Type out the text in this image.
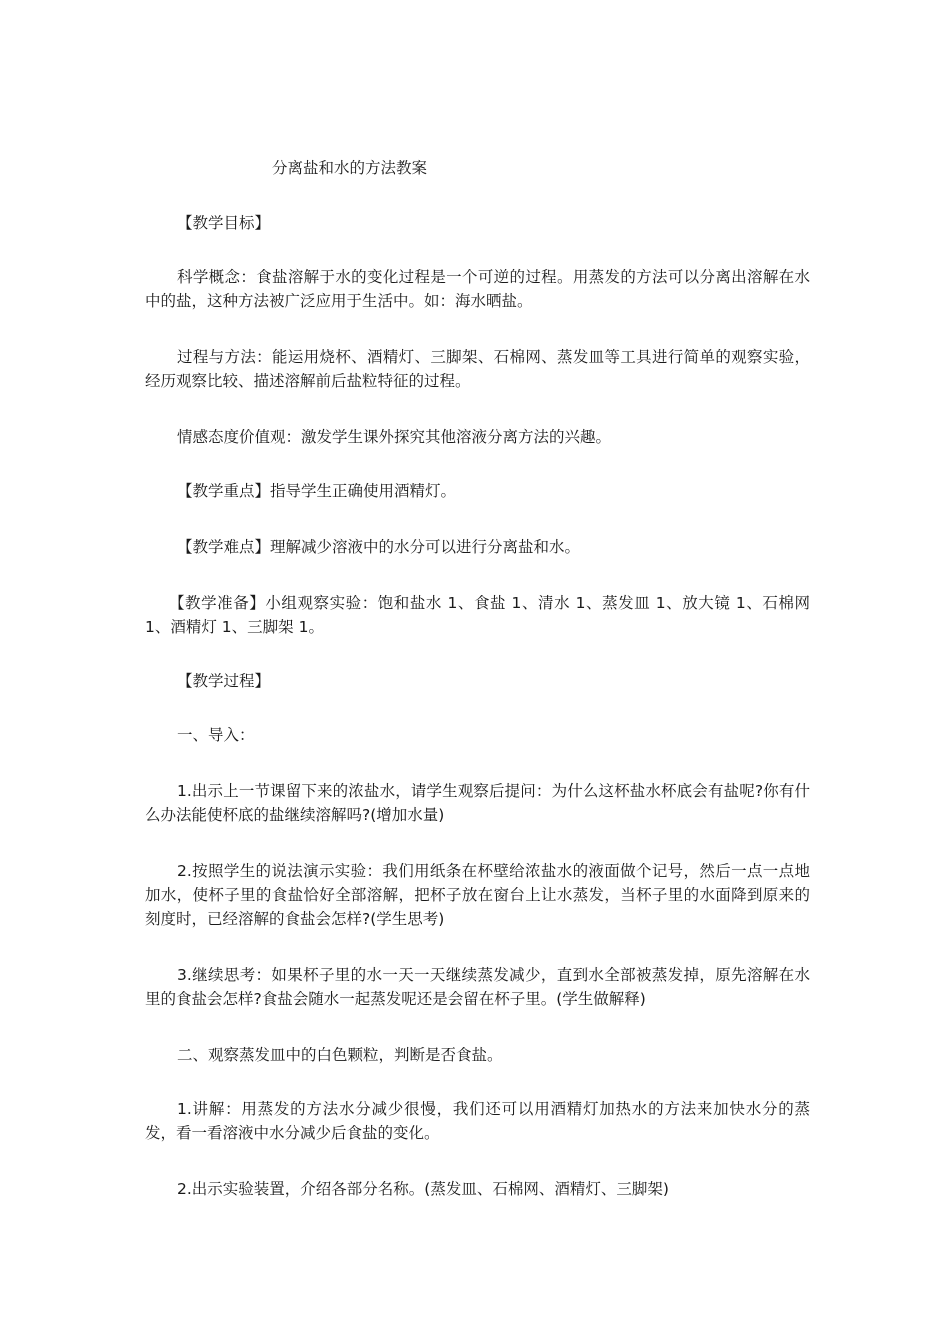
分离盐和水的方法教案

【教学目标】

科学概念：食盐溶解于水的变化过程是一个可逆的过程。用蒸发的方法可以分离出溶解在水中的盐，这种方法被广泛应用于生活中。如：海水晒盐。

过程与方法：能运用烧杯、酒精灯、三脚架、石棉网、蒸发皿等工具进行简单的观察实验，经历观察比较、描述溶解前后盐粒特征的过程。

情感态度价值观：激发学生课外探究其他溶液分离方法的兴趣。

【教学重点】指导学生正确使用酒精灯。

【教学难点】理解减少溶液中的水分可以进行分离盐和水。

【教学准备】小组观察实验：饱和盐水 1、食盐 1、清水 1、蒸发皿 1、放大镜 1、石棉网 1、酒精灯 1、三脚架 1。

【教学过程】

一、导入：

1.出示上一节课留下来的浓盐水，请学生观察后提问：为什么这杯盐水杯底会有盐呢?你有什么办法能使杯底的盐继续溶解吗?(增加水量)

2.按照学生的说法演示实验：我们用纸条在杯壁给浓盐水的液面做个记号，然后一点一点地加水，使杯子里的食盐恰好全部溶解，把杯子放在窗台上让水蒸发，当杯子里的水面降到原来的刻度时，已经溶解的食盐会怎样?(学生思考)

3.继续思考：如果杯子里的水一天一天继续蒸发减少，直到水全部被蒸发掉，原先溶解在水里的食盐会怎样?食盐会随水一起蒸发呢还是会留在杯子里。(学生做解释)

二、观察蒸发皿中的白色颗粒，判断是否食盐。

1.讲解：用蒸发的方法水分减少很慢，我们还可以用酒精灯加热水的方法来加快水分的蒸发，看一看溶液中水分减少后食盐的变化。

2.出示实验装置，介绍各部分名称。(蒸发皿、石棉网、酒精灯、三脚架)
